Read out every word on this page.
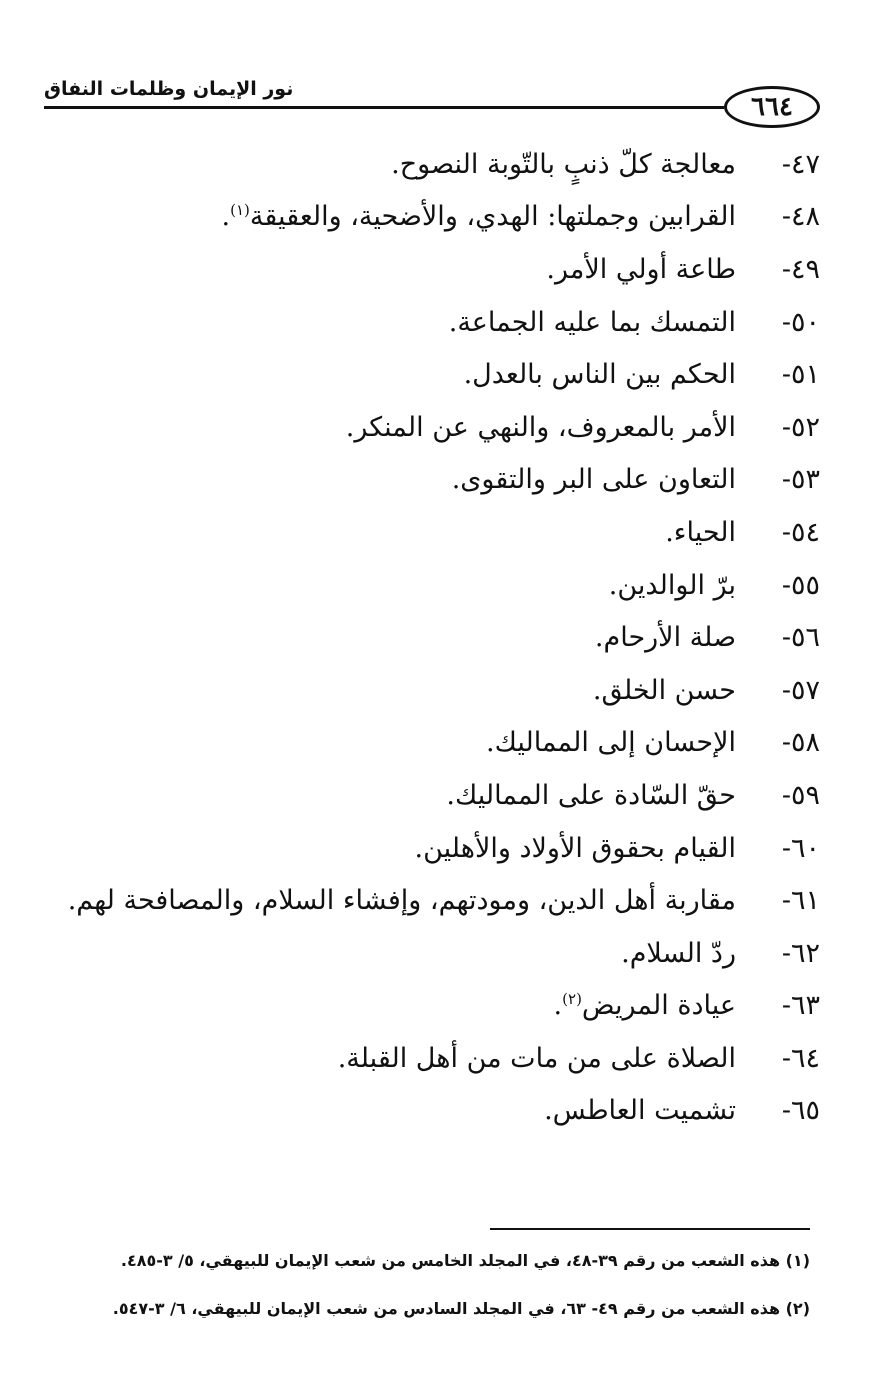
نور الإيمان وظلمات النفاق
٦٦٤
٤٧-
معالجة كلّ ذنبٍ بالتّوبة النصوح.
٤٨-
القرابين وجملتها: الهدي، والأضحية، والعقيقة$^{(١)}$.
٤٩-
طاعة أولي الأمر.
٥٠-
التمسك بما عليه الجماعة.
٥١-
الحكم بين الناس بالعدل.
٥٢-
الأمر بالمعروف، والنهي عن المنكر.
٥٣-
التعاون على البر والتقوى.
٥٤-
الحياء.
٥٥-
برّ الوالدين.
٥٦-
صلة الأرحام.
٥٧-
حسن الخلق.
٥٨-
الإحسان إلى المماليك.
٥٩-
حقّ السّادة على المماليك.
٦٠-
القيام بحقوق الأولاد والأهلين.
٦١-
مقاربة أهل الدين، ومودتهم، وإفشاء السلام، والمصافحة لهم.
٦٢-
ردّ السلام.
٦٣-
عيادة المريض$^{(٢)}$.
٦٤-
الصلاة على من مات من أهل القبلة.
٦٥-
تشميت العاطس.
(١) هذه الشعب من رقم ٣٩-٤٨، في المجلد الخامس من شعب الإيمان للبيهقي، ٥/ ٣-٤٨٥.
(٢) هذه الشعب من رقم ٤٩- ٦٣، في المجلد السادس من شعب الإيمان للبيهقي، ٦/ ٣-٥٤٧.
